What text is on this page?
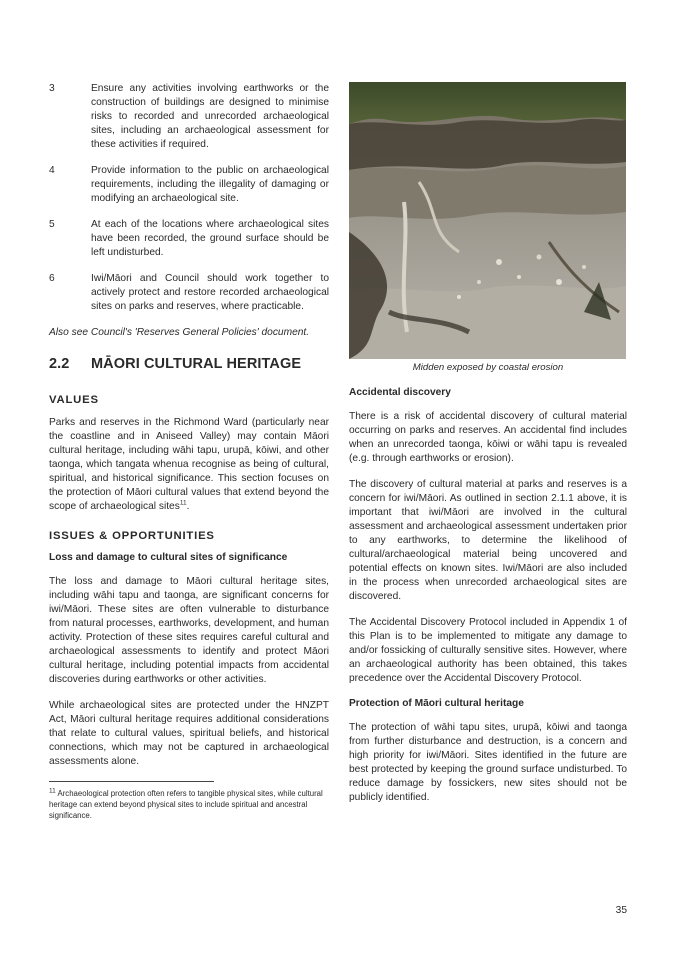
3	Ensure any activities involving earthworks or the construction of buildings are designed to minimise risks to recorded and unrecorded archaeological sites, including an archaeological assessment for these activities if required.
4	Provide information to the public on archaeological requirements, including the illegality of damaging or modifying an archaeological site.
5	At each of the locations where archaeological sites have been recorded, the ground surface should be left undisturbed.
6	Iwi/Māori and Council should work together to actively protect and restore recorded archaeological sites on parks and reserves, where practicable.
Also see Council's 'Reserves General Policies' document.
2.2	MĀORI CULTURAL HERITAGE
VALUES

Parks and reserves in the Richmond Ward (particularly near the coastline and in Aniseed Valley) may contain Māori cultural heritage, including wāhi tapu, urupā, kōiwi, and other taonga, which tangata whenua recognise as being of cultural, spiritual, and historical significance. This section focuses on the protection of Māori cultural values that extend beyond the scope of archaeological sites$^{11}$.

ISSUES & OPPORTUNITIES
Loss and damage to cultural sites of significance

The loss and damage to Māori cultural heritage sites, including wāhi tapu and taonga, are significant concerns for iwi/Māori. These sites are often vulnerable to disturbance from natural processes, earthworks, development, and human activity. Protection of these sites requires careful cultural and archaeological assessments to identify and protect Māori cultural heritage, including potential impacts from accidental discoveries during earthworks or other activities.

While archaeological sites are protected under the HNZPT Act, Māori cultural heritage requires additional considerations that relate to cultural values, spiritual beliefs, and historical connections, which may not be captured in archaeological assessments alone.

$^{11}$ Archaeological protection often refers to tangible physical sites, while cultural heritage can extend beyond physical sites to include spiritual and ancestral significance.
Midden exposed by coastal erosion
Accidental discovery

There is a risk of accidental discovery of cultural material occurring on parks and reserves. An accidental find includes when an unrecorded taonga, kōiwi or wāhi tapu is revealed (e.g. through earthworks or erosion).

The discovery of cultural material at parks and reserves is a concern for iwi/Māori. As outlined in section 2.1.1 above, it is important that iwi/Māori are involved in the cultural assessment and archaeological assessment undertaken prior to any earthworks, to determine the likelihood of cultural/archaeological material being uncovered and potential effects on known sites. Iwi/Māori are also included in the process when unrecorded archaeological sites are discovered.

The Accidental Discovery Protocol included in Appendix 1 of this Plan is to be implemented to mitigate any damage to and/or fossicking of culturally sensitive sites. However, where an archaeological authority has been obtained, this takes precedence over the Accidental Discovery Protocol.

Protection of Māori cultural heritage

The protection of wāhi tapu sites, urupā, kōiwi and taonga from further disturbance and destruction, is a concern and high priority for iwi/Māori. Sites identified in the future are best protected by keeping the ground surface undisturbed. To reduce damage by fossickers, new sites should not be publicly identified.

35
